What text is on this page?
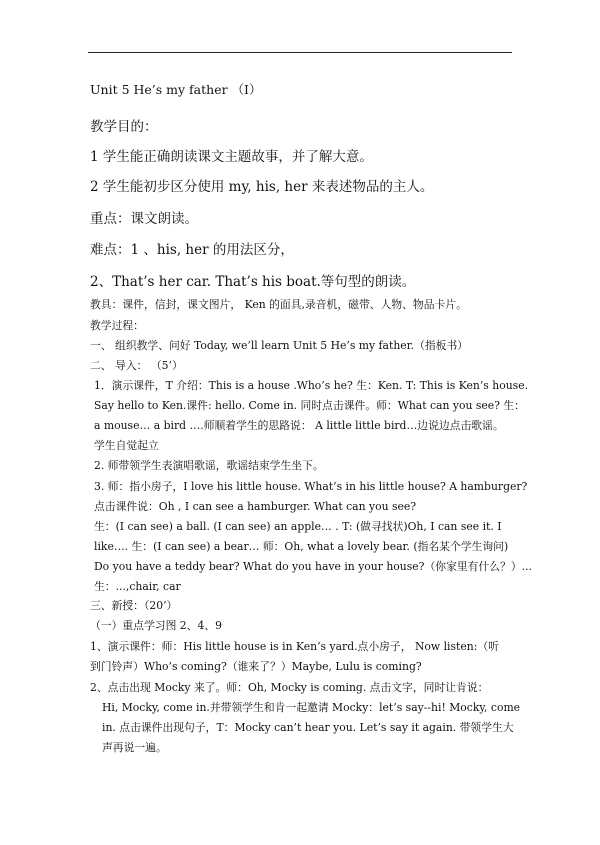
Unit 5 He’s my father （I）
教学目的：
1 学生能正确朗读课文主题故事，并了解大意。
2 学生能初步区分使用 my, his, her 来表述物品的主人。
重点：课文朗读。
难点：1 、his, her 的用法区分，
2、That’s her car. That’s his boat.等句型的朗读。
教具：课件，信封，课文图片， Ken 的面具,录音机，磁带、人物、物品卡片。
教学过程：
一、 组织教学、问好 Today, we’ll learn Unit 5 He’s my father.（指板书）
二、 导入： （5’）
1．演示课件，T 介绍：This is a house .Who’s he? 生：Ken. T: This is Ken’s house.
Say hello to Ken.课件: hello. Come in. 同时点击课件。师：What can you see? 生：
a mouse… a bird ….师顺着学生的思路说： A little little bird…边说边点击歌谣。
学生自觉起立
2. 师带领学生表演唱歌谣，歌谣结束学生坐下。
3. 师：指小房子，I love his little house. What’s in his little house? A hamburger?
点击课件说：Oh , I can see a hamburger. What can you see?
生：(I can see) a ball. (I can see) an apple… . T: (做寻找状)Oh, I can see it. I
like…. 生：(I can see) a bear… 师：Oh, what a lovely bear. (指名某个学生询问)
Do you have a teddy bear? What do you have in your house?（你家里有什么？）...
生：...,chair, car
三、新授：（20’）
（一）重点学习图 2、4、9
1、演示课件：师：His little house is in Ken’s yard.点小房子， Now listen:（听
到门铃声）Who’s coming?（谁来了？）Maybe, Lulu is coming?
2、点击出现 Mocky 来了。师：Oh, Mocky is coming. 点击文字，同时让肯说：
Hi, Mocky, come in.并带领学生和肯一起邀请 Mocky：let’s say--hi! Mocky, come
in. 点击课件出现句子，T：Mocky can’t hear you. Let’s say it again. 带领学生大
声再说一遍。
